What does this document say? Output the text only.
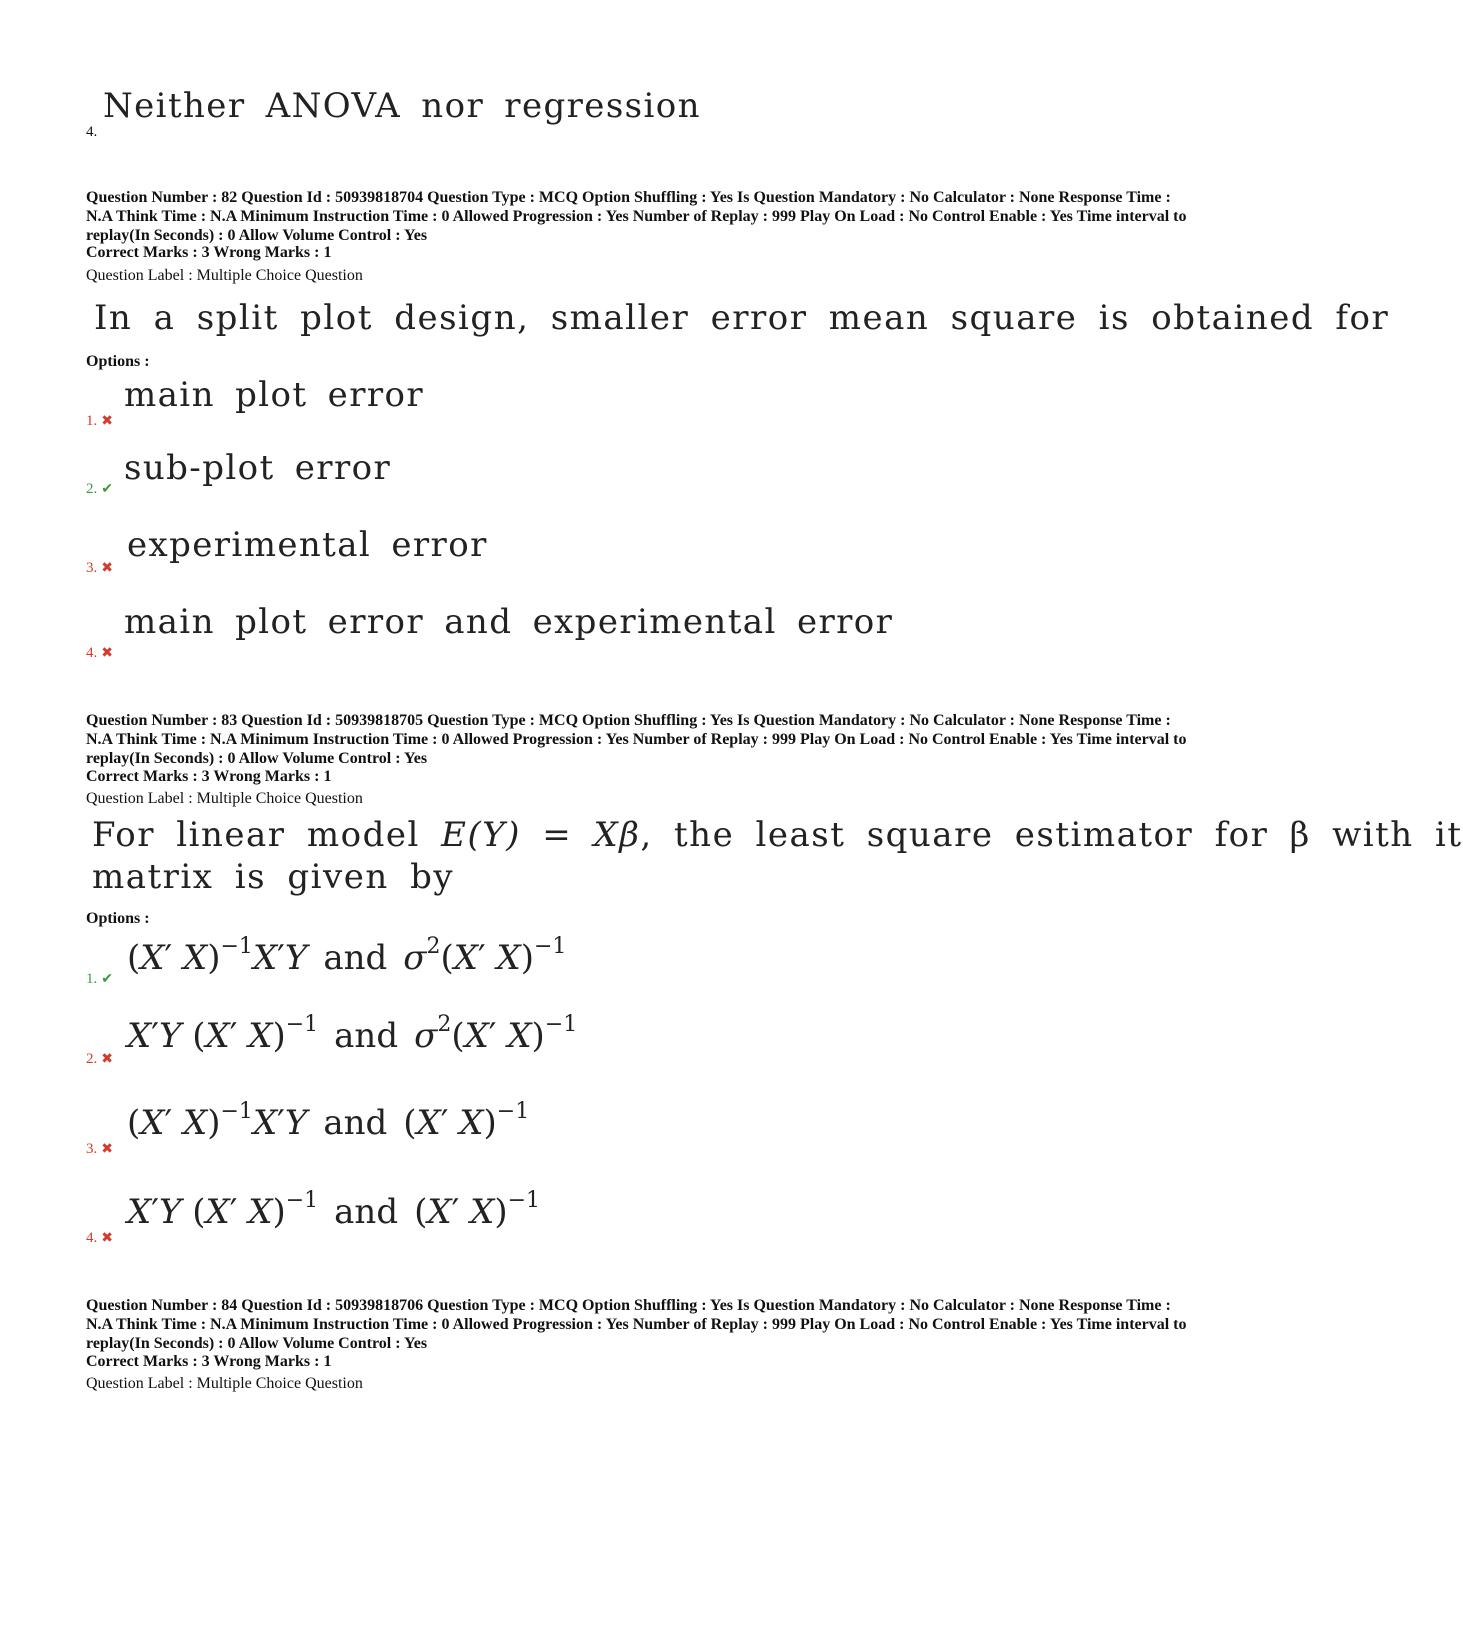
Neither ANOVA nor regression
4.
Question Number : 82 Question Id : 50939818704 Question Type : MCQ Option Shuffling : Yes Is Question Mandatory : No Calculator : None Response Time : N.A Think Time : N.A Minimum Instruction Time : 0 Allowed Progression : Yes Number of Replay : 999 Play On Load : No Control Enable : Yes Time interval to replay(In Seconds) : 0 Allow Volume Control : Yes
Correct Marks : 3 Wrong Marks : 1
Question Label : Multiple Choice Question
In a split plot design, smaller error mean square is obtained for
Options :
main plot error
1. ✖
sub-plot error
2. ✔
experimental error
3. ✖
main plot error and experimental error
4. ✖
Question Number : 83 Question Id : 50939818705 Question Type : MCQ Option Shuffling : Yes Is Question Mandatory : No Calculator : None Response Time : N.A Think Time : N.A Minimum Instruction Time : 0 Allowed Progression : Yes Number of Replay : 999 Play On Load : No Control Enable : Yes Time interval to replay(In Seconds) : 0 Allow Volume Control : Yes
Correct Marks : 3 Wrong Marks : 1
Question Label : Multiple Choice Question
For linear model E(Y) = Xβ, the least square estimator for β with it
matrix is given by
Options :
(X′ X)$^{-1}$X′Y and $\sigma^2(X'$ X)$^{-1}$
1. ✔
X′Y (X′ X)$^{-1}$ and $\sigma^2(X'$ X)$^{-1}$
2. ✖
(X′ X)$^{-1}$X′Y and (X′ X)$^{-1}$
3. ✖
X′Y (X′ X)$^{-1}$ and (X′ X)$^{-1}$
4. ✖
Question Number : 84 Question Id : 50939818706 Question Type : MCQ Option Shuffling : Yes Is Question Mandatory : No Calculator : None Response Time : N.A Think Time : N.A Minimum Instruction Time : 0 Allowed Progression : Yes Number of Replay : 999 Play On Load : No Control Enable : Yes Time interval to replay(In Seconds) : 0 Allow Volume Control : Yes
Correct Marks : 3 Wrong Marks : 1
Question Label : Multiple Choice Question
